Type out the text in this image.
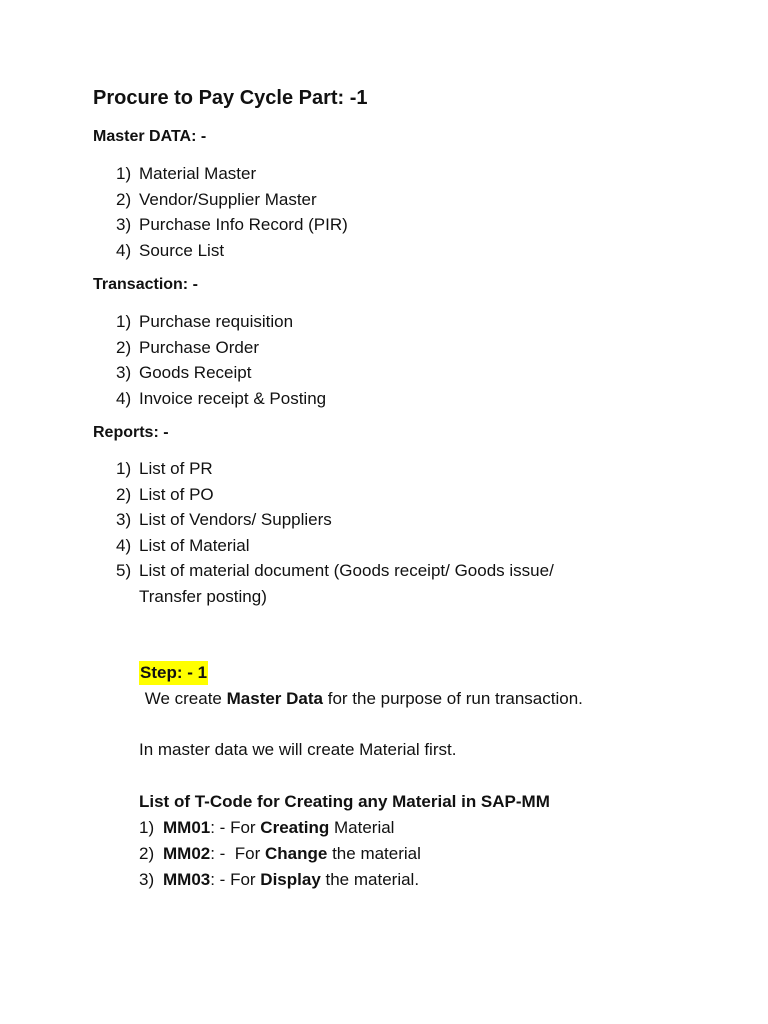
Procure to Pay Cycle Part: -1
Master DATA: -
1) Material Master
2) Vendor/Supplier Master
3) Purchase Info Record (PIR)
4) Source List
Transaction: -
1) Purchase requisition
2) Purchase Order
3) Goods Receipt
4) Invoice receipt & Posting
Reports: -
1) List of PR
2) List of PO
3) List of Vendors/ Suppliers
4) List of Material
5) List of material document (Goods receipt/ Goods issue/ Transfer posting)
Step: - 1
We create Master Data for the purpose of run transaction.
In master data we will create Material first.
List of T-Code for Creating any Material in SAP-MM
1) MM01: - For Creating Material
2) MM02: -  For Change the material
3) MM03: - For Display the material.
